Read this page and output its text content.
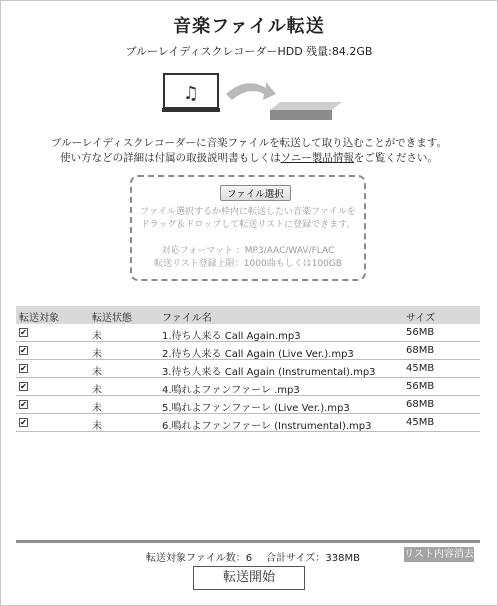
音楽ファイル転送
ブルーレイディスクレコーダーHDD 残量:84.2GB
♫
ブルーレイディスクレコーダーに音楽ファイルを転送して取り込むことができます。
使い方などの詳細は付属の取扱説明書もしくはソニー製品情報をご覧ください。
ファイル選択
ファイル選択するか枠内に転送したい音楽ファイルを
ドラッグ＆ドロップして転送リストに登録できます。
対応フォーマット ：MP3/AAC/WAV/FLAC
転送リスト登録上限：1000曲もしくは100GB
転送対象	転送状態	ファイル名	サイズ
✔	未	1.待ち人来る Call Again.mp3	56MB
✔	未	2.待ち人来る Call Again (Live Ver.).mp3	68MB
✔	未	3.待ち人来る Call Again (Instrumental).mp3	45MB
✔	未	4.鳴れよファンファーレ .mp3	56MB
✔	未	5.鳴れよファンファーレ (Live Ver.).mp3	68MB
✔	未	6.鳴れよファンファーレ (Instrumental).mp3	45MB
転送対象ファイル数：6 合計サイズ：338MB	リスト内容消去
転送開始
